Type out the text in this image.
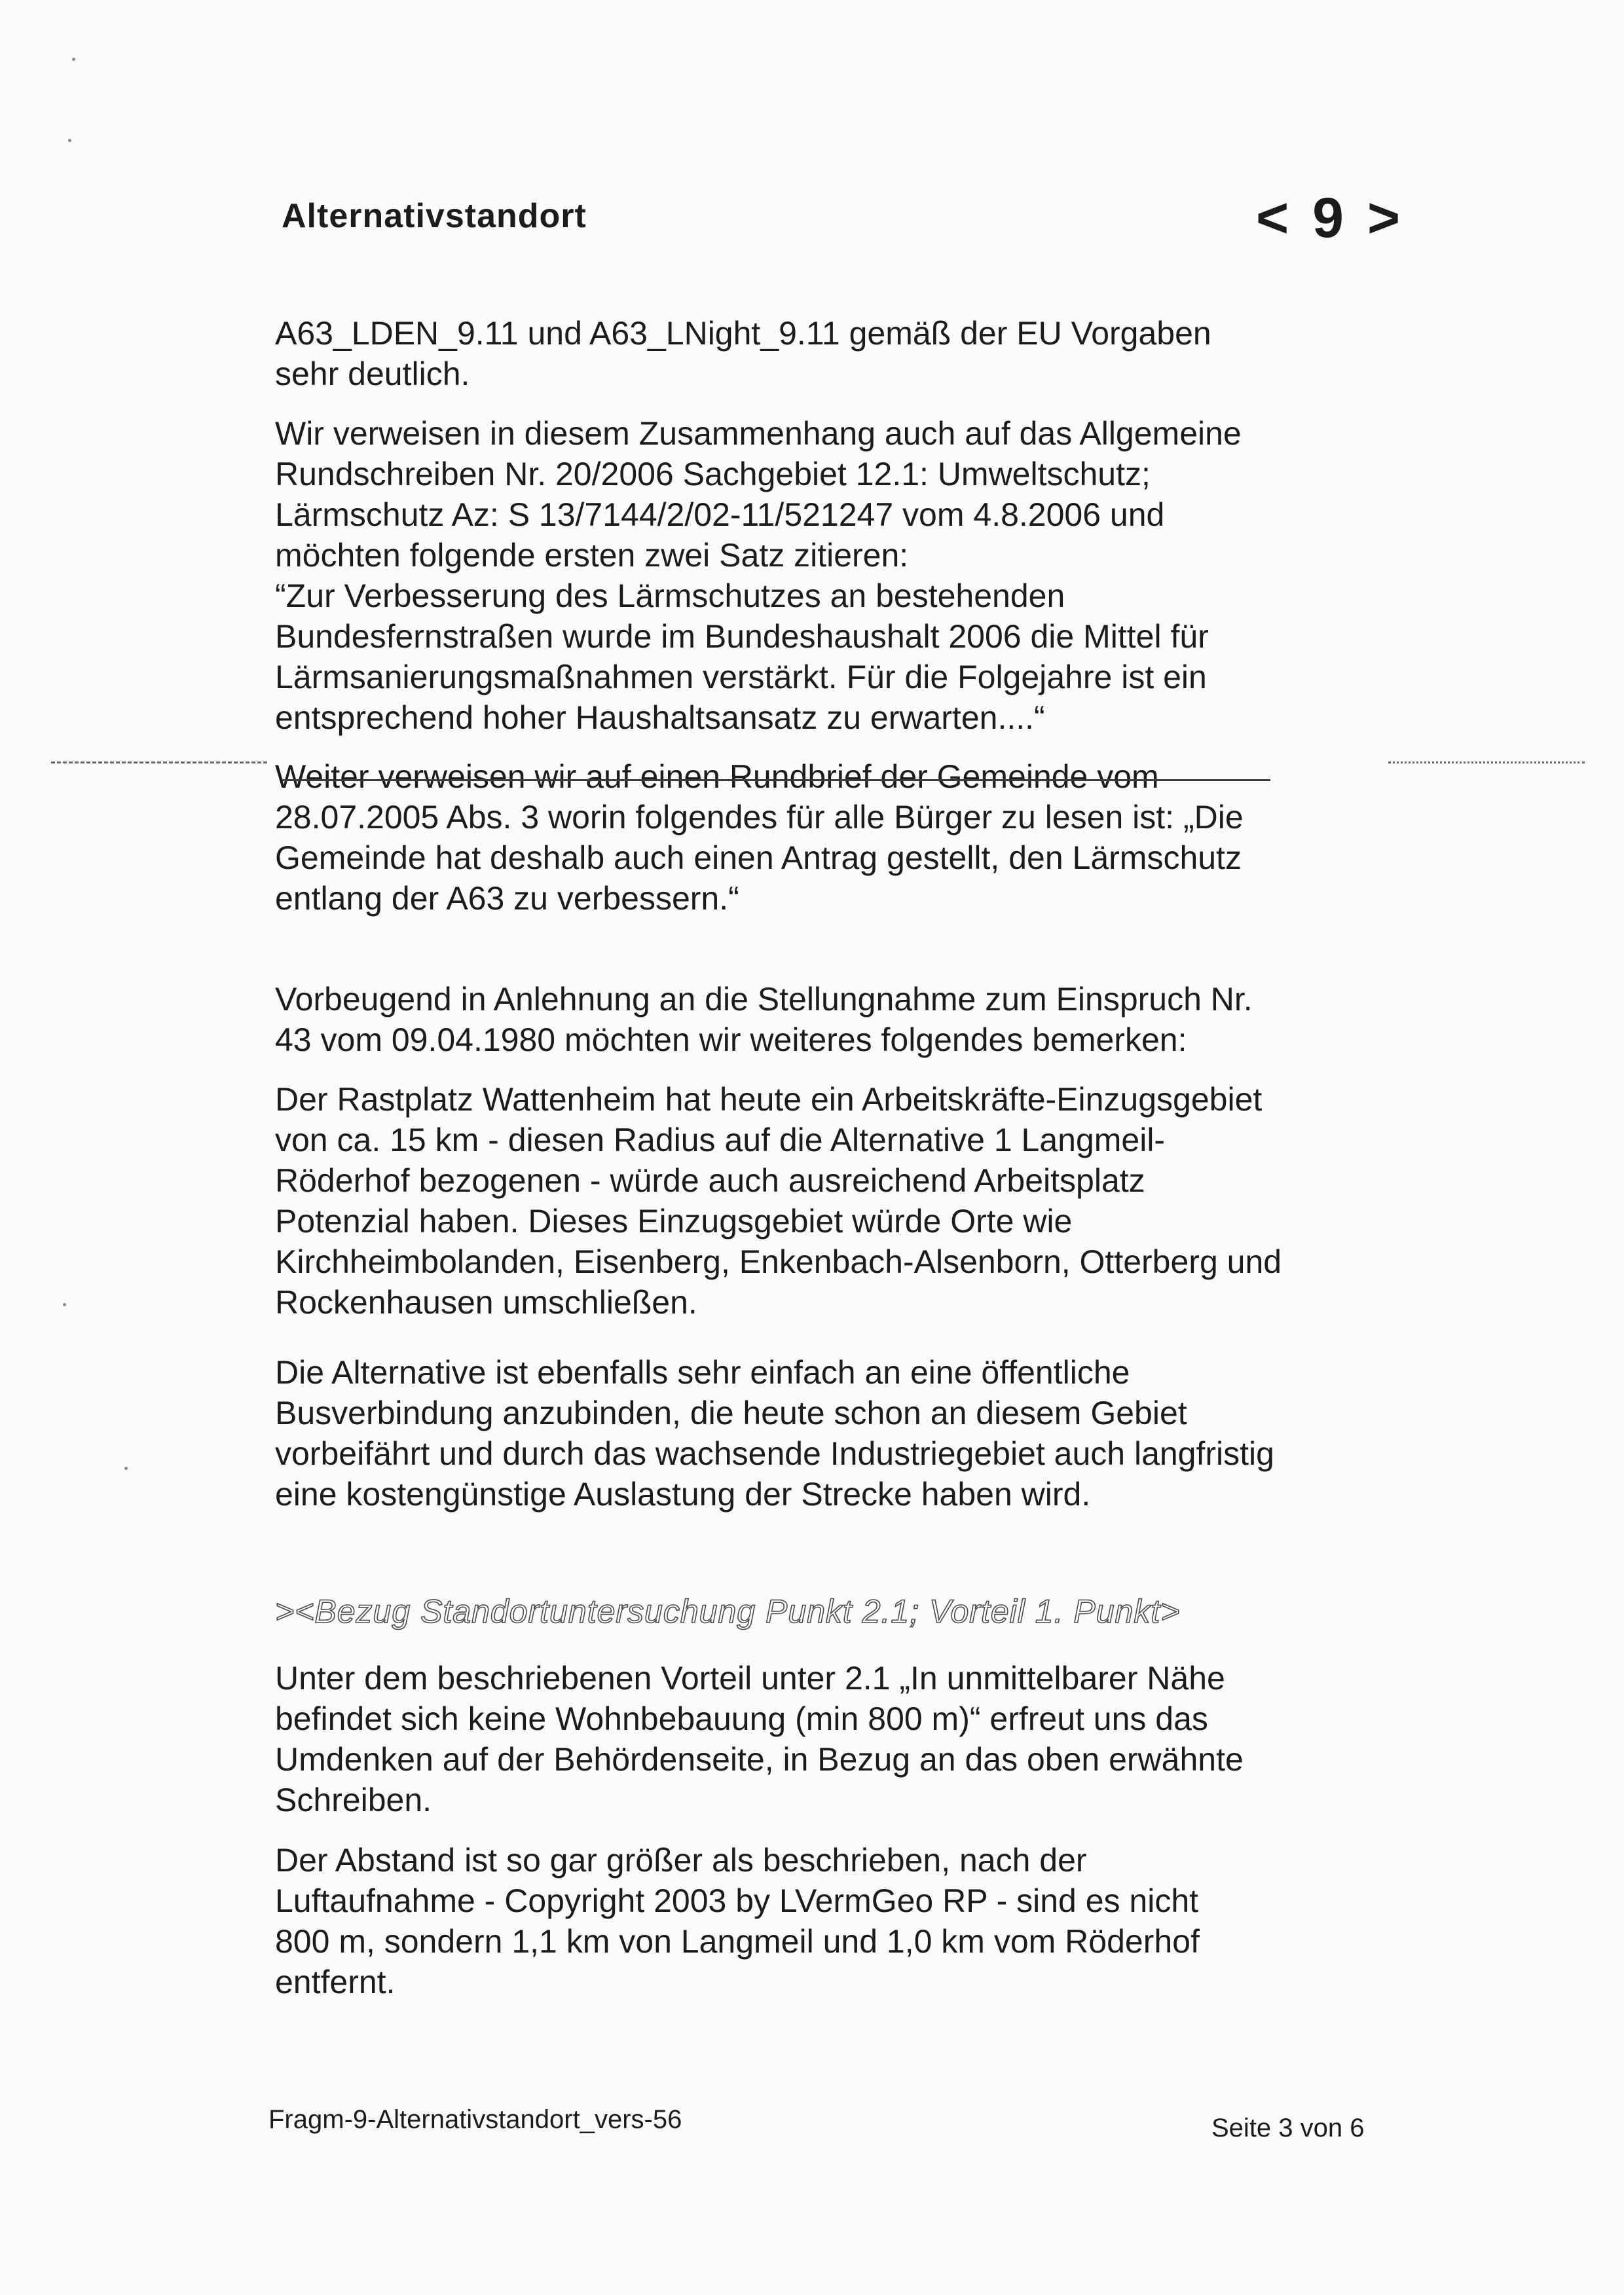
Alternativstandort	< 9 >
A63_LDEN_9.11 und A63_LNight_9.11 gemäß der EU Vorgaben
sehr deutlich.
Wir verweisen in diesem Zusammenhang auch auf das Allgemeine
Rundschreiben Nr. 20/2006 Sachgebiet 12.1: Umweltschutz;
Lärmschutz Az: S 13/7144/2/02-11/521247 vom 4.8.2006 und
möchten folgende ersten zwei Satz zitieren:
“Zur Verbesserung des Lärmschutzes an bestehenden
Bundesfernstraßen wurde im Bundeshaushalt 2006 die Mittel für
Lärmsanierungsmaßnahmen verstärkt. Für die Folgejahre ist ein
entsprechend hoher Haushaltsansatz zu erwarten....“
Weiter verweisen wir auf einen Rundbrief der Gemeinde vom
28.07.2005 Abs. 3 worin folgendes für alle Bürger zu lesen ist: „Die
Gemeinde hat deshalb auch einen Antrag gestellt, den Lärmschutz
entlang der A63 zu verbessern.“
Vorbeugend in Anlehnung an die Stellungnahme zum Einspruch Nr.
43 vom 09.04.1980 möchten wir weiteres folgendes bemerken:
Der Rastplatz Wattenheim hat heute ein Arbeitskräfte-Einzugsgebiet
von ca. 15 km - diesen Radius auf die Alternative 1 Langmeil-
Röderhof bezogenen - würde auch ausreichend Arbeitsplatz
Potenzial haben. Dieses Einzugsgebiet würde Orte wie
Kirchheimbolanden, Eisenberg, Enkenbach-Alsenborn, Otterberg und
Rockenhausen umschließen.
Die Alternative ist ebenfalls sehr einfach an eine öffentliche
Busverbindung anzubinden, die heute schon an diesem Gebiet
vorbeifährt und durch das wachsende Industriegebiet auch langfristig
eine kostengünstige Auslastung der Strecke haben wird.
><Bezug Standortuntersuchung Punkt 2.1; Vorteil 1. Punkt>
Unter dem beschriebenen Vorteil unter 2.1 „In unmittelbarer Nähe
befindet sich keine Wohnbebauung (min 800 m)“ erfreut uns das
Umdenken auf der Behördenseite, in Bezug an das oben erwähnte
Schreiben.
Der Abstand ist so gar größer als beschrieben, nach der
Luftaufnahme - Copyright 2003 by LVermGeo RP - sind es nicht
800 m, sondern 1,1 km von Langmeil und 1,0 km vom Röderhof
entfernt.
Fragm-9-Alternativstandort_vers-56	Seite 3 von 6
